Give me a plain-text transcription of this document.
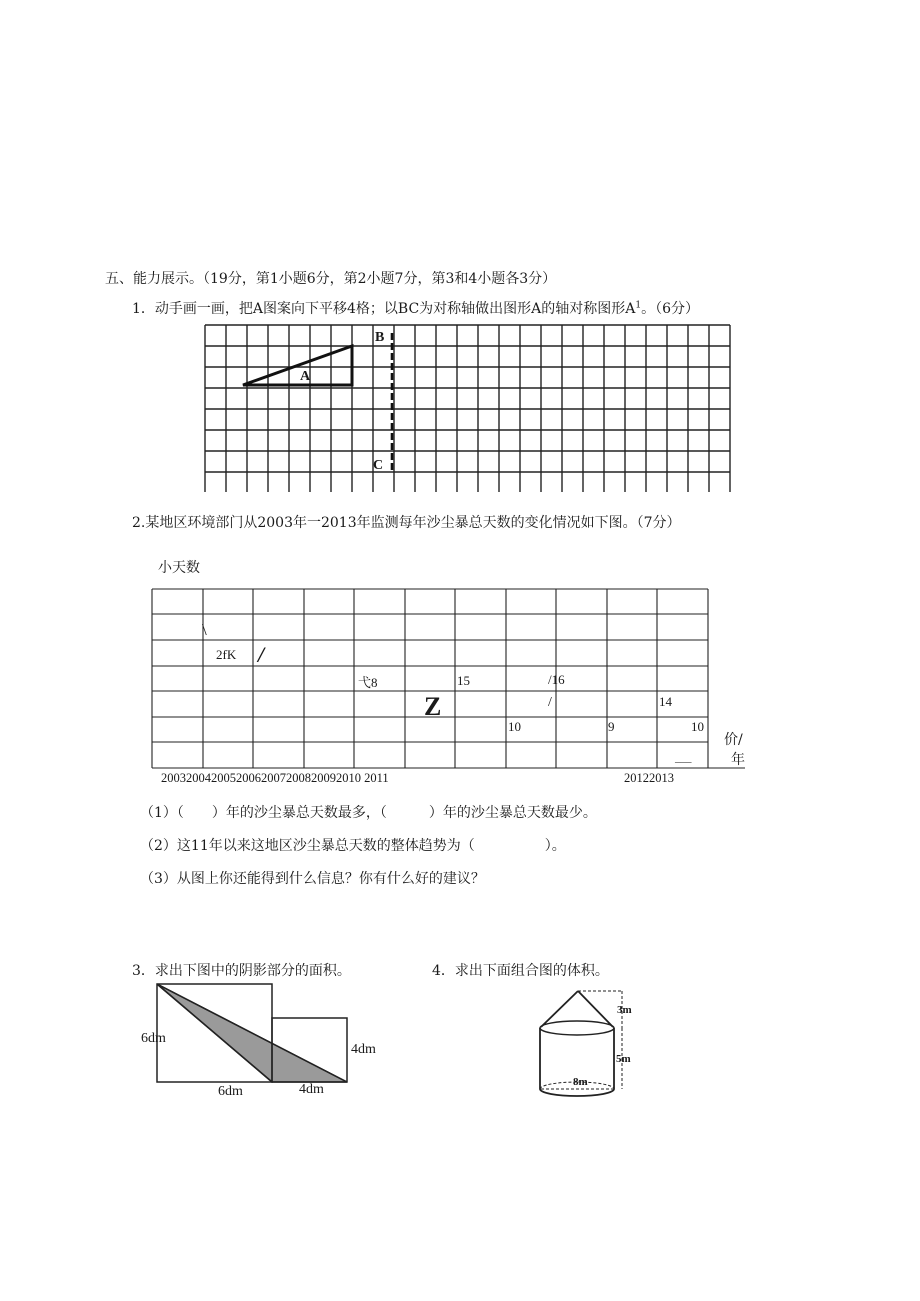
五、能力展示。（19分，第1小题6分，第2小题7分，第3和4小题各3分）
1．动手画一画，把A图案向下平移4格；以BC为对称轴做出图形A的轴对称图形$A^1$。（6分）
A
B
C
2.某地区环境部门从2003年一2013年监测每年沙尘暴总天数的变化情况如下图。（7分）
小天数
\
2fK /
弋8	15	/16
14
Z	/
10	9	10
___
价/
年
20032004200520062007200820092010 2011	20122013
（1）（　　）年的沙尘暴总天数最多，（　　　）年的沙尘暴总天数最少。
（2）这11年以来这地区沙尘暴总天数的整体趋势为（　　　　　）。
（3）从图上你还能得到什么信息？你有什么好的建议？
3．求出下图中的阴影部分的面积。
6dm
4dm
6dm	4dm
4．求出下面组合图的体积。
3m
5m
8m
